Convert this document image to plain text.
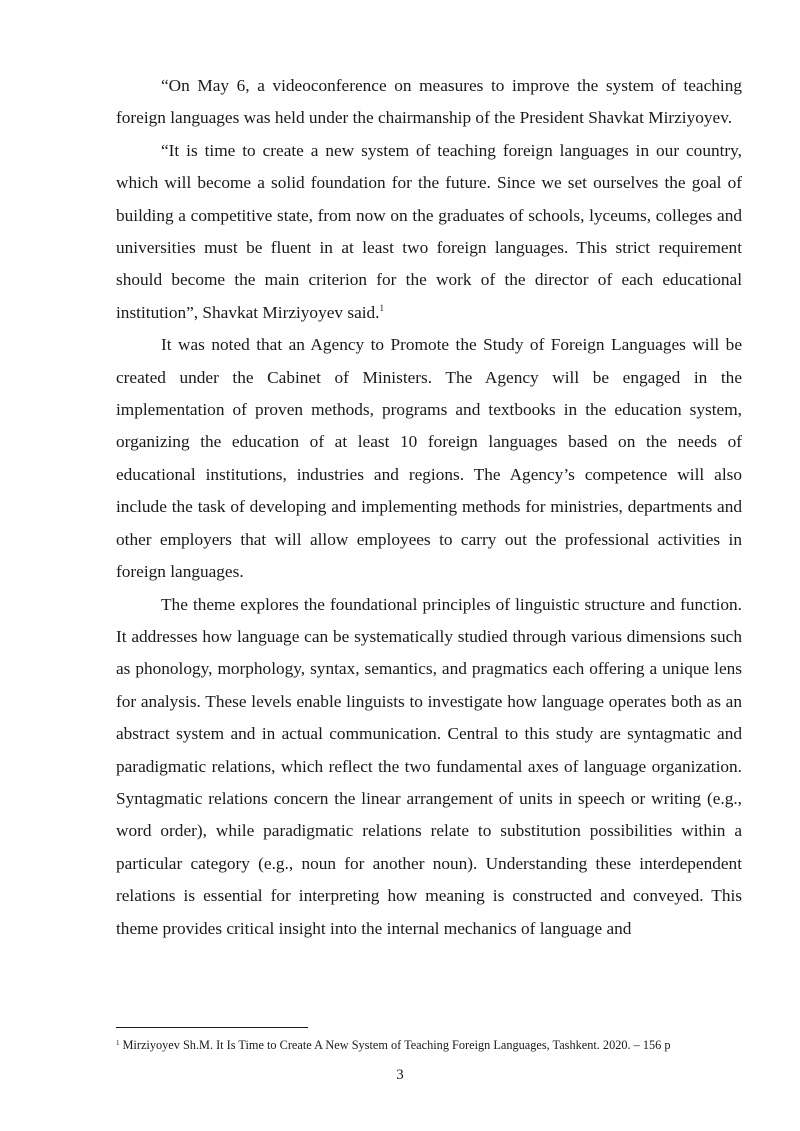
“On May 6, a videoconference on measures to improve the system of teaching foreign languages was held under the chairmanship of the President Shavkat Mirziyoyev.

“It is time to create a new system of teaching foreign languages in our country, which will become a solid foundation for the future. Since we set ourselves the goal of building a competitive state, from now on the graduates of schools, lyceums, colleges and universities must be fluent in at least two foreign languages. This strict requirement should become the main criterion for the work of the director of each educational institution”, Shavkat Mirziyoyev said.$^1$

It was noted that an Agency to Promote the Study of Foreign Languages will be created under the Cabinet of Ministers. The Agency will be engaged in the implementation of proven methods, programs and textbooks in the education system, organizing the education of at least 10 foreign languages based on the needs of educational institutions, industries and regions. The Agency’s competence will also include the task of developing and implementing methods for ministries, departments and other employers that will allow employees to carry out the professional activities in foreign languages.

The theme explores the foundational principles of linguistic structure and function. It addresses how language can be systematically studied through various dimensions such as phonology, morphology, syntax, semantics, and pragmatics each offering a unique lens for analysis. These levels enable linguists to investigate how language operates both as an abstract system and in actual communication. Central to this study are syntagmatic and paradigmatic relations, which reflect the two fundamental axes of language organization. Syntagmatic relations concern the linear arrangement of units in speech or writing (e.g., word order), while paradigmatic relations relate to substitution possibilities within a particular category (e.g., noun for another noun). Understanding these interdependent relations is essential for interpreting how meaning is constructed and conveyed. This theme provides critical insight into the internal mechanics of language and

$^1$ Mirziyoyev Sh.M. It Is Time to Create A New System of Teaching Foreign Languages, Tashkent. 2020. – 156 p
3
